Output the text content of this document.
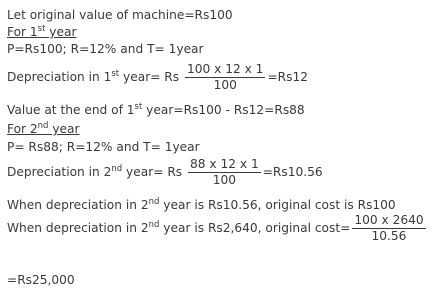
Let original value of machine=Rs100
For 1st year
P=Rs100; R=12% and T= 1year
Depreciation in 1st year= Rs $\frac{100 x 12 x 1}{100} =Rs12$
Value at the end of 1st year=Rs100 - Rs12=Rs88
For 2nd year
P= Rs88; R=12% and T= 1year
Depreciation in 2nd year= Rs $\frac{88 x 12 x 1}{100} =Rs10.56$
When depreciation in 2nd year is Rs10.56, original cost is Rs100
When depreciation in 2nd year is Rs2,640, original $\cos t= \frac{100 x 2640}{10.56}$
=Rs25,000
